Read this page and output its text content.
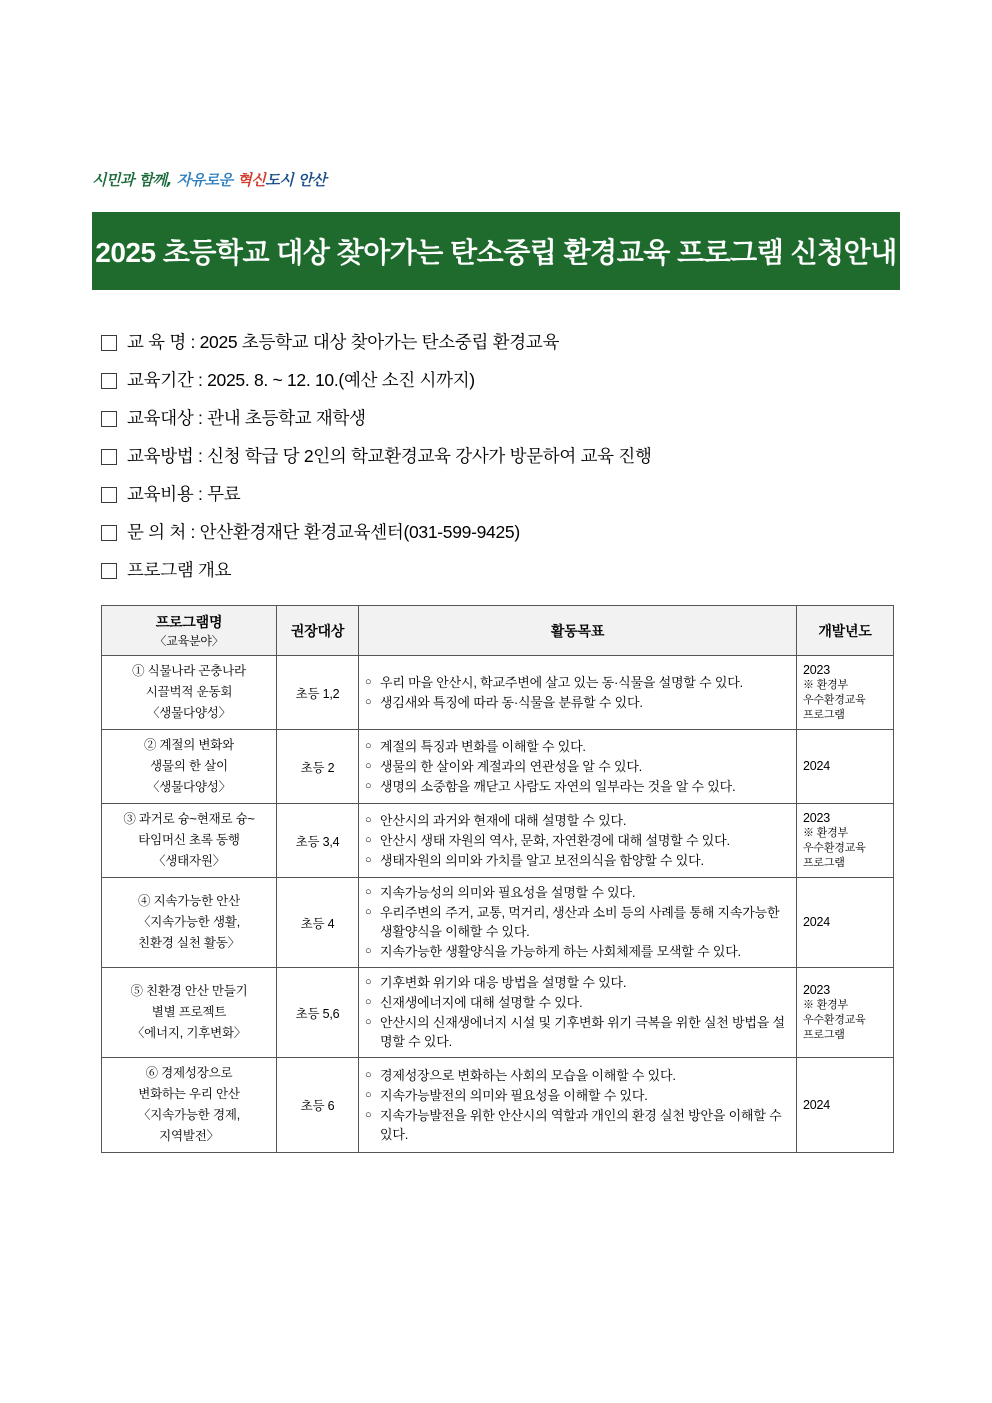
시민과 함께, 자유로운 혁신도시 안산
2025 초등학교 대상 찾아가는 탄소중립 환경교육 프로그램 신청안내
교 육 명 : 2025 초등학교 대상 찾아가는 탄소중립 환경교육
교육기간 : 2025. 8. ~ 12. 10.(예산 소진 시까지)
교육대상 : 관내 초등학교 재학생
교육방법 : 신청 학급 당 2인의 학교환경교육 강사가 방문하여 교육 진행
교육비용 : 무료
문 의 처 : 안산환경재단 환경교육센터(031-599-9425)
프로그램 개요
프로그램명
〈교육분야〉	권장대상	활동목표	개발년도

① 식물나라 곤충나라
시끌벅적 운동회
〈생물다양성〉
	초등 1,2	
○ 우리 마을 안산시, 학교주변에 살고 있는 동·식물을 설명할 수 있다.
○ 생김새와 특징에 따라 동·식물을 분류할 수 있다.
	2023
※ 환경부
우수환경교육
프로그램

② 계절의 변화와
생물의 한 살이
〈생물다양성〉
	초등 2	
○ 계절의 특징과 변화를 이해할 수 있다.
○ 생물의 한 살이와 계절과의 연관성을 알 수 있다.
○ 생명의 소중함을 깨닫고 사람도 자연의 일부라는 것을 알 수 있다.
	2024

③ 과거로 슝~현재로 슝~
타임머신 초록 동행
〈생태자원〉
	초등 3,4	
○ 안산시의 과거와 현재에 대해 설명할 수 있다.
○ 안산시 생태 자원의 역사, 문화, 자연환경에 대해 설명할 수 있다.
○ 생태자원의 의미와 가치를 알고 보전의식을 함양할 수 있다.
	2023
※ 환경부
우수환경교육
프로그램

④ 지속가능한 안산
〈지속가능한 생활,
친환경 실천 활동〉
	초등 4	
○ 지속가능성의 의미와 필요성을 설명할 수 있다.
○ 우리주변의 주거, 교통, 먹거리, 생산과 소비 등의 사례를 통해 지속가능한 생활양식을 이해할 수 있다.
○ 지속가능한 생활양식을 가능하게 하는 사회체제를 모색할 수 있다.
	2024

⑤ 친환경 안산 만들기
별별 프로젝트
〈에너지, 기후변화〉
	초등 5,6	
○ 기후변화 위기와 대응 방법을 설명할 수 있다.
○ 신재생에너지에 대해 설명할 수 있다.
○ 안산시의 신재생에너지 시설 및 기후변화 위기 극복을 위한 실천 방법을 설명할 수 있다.
	2023
※ 환경부
우수환경교육
프로그램

⑥ 경제성장으로
변화하는 우리 안산
〈지속가능한 경제,
지역발전〉
	초등 6	
○ 경제성장으로 변화하는 사회의 모습을 이해할 수 있다.
○ 지속가능발전의 의미와 필요성을 이해할 수 있다.
○ 지속가능발전을 위한 안산시의 역할과 개인의 환경 실천 방안을 이해할 수 있다.
	2024
